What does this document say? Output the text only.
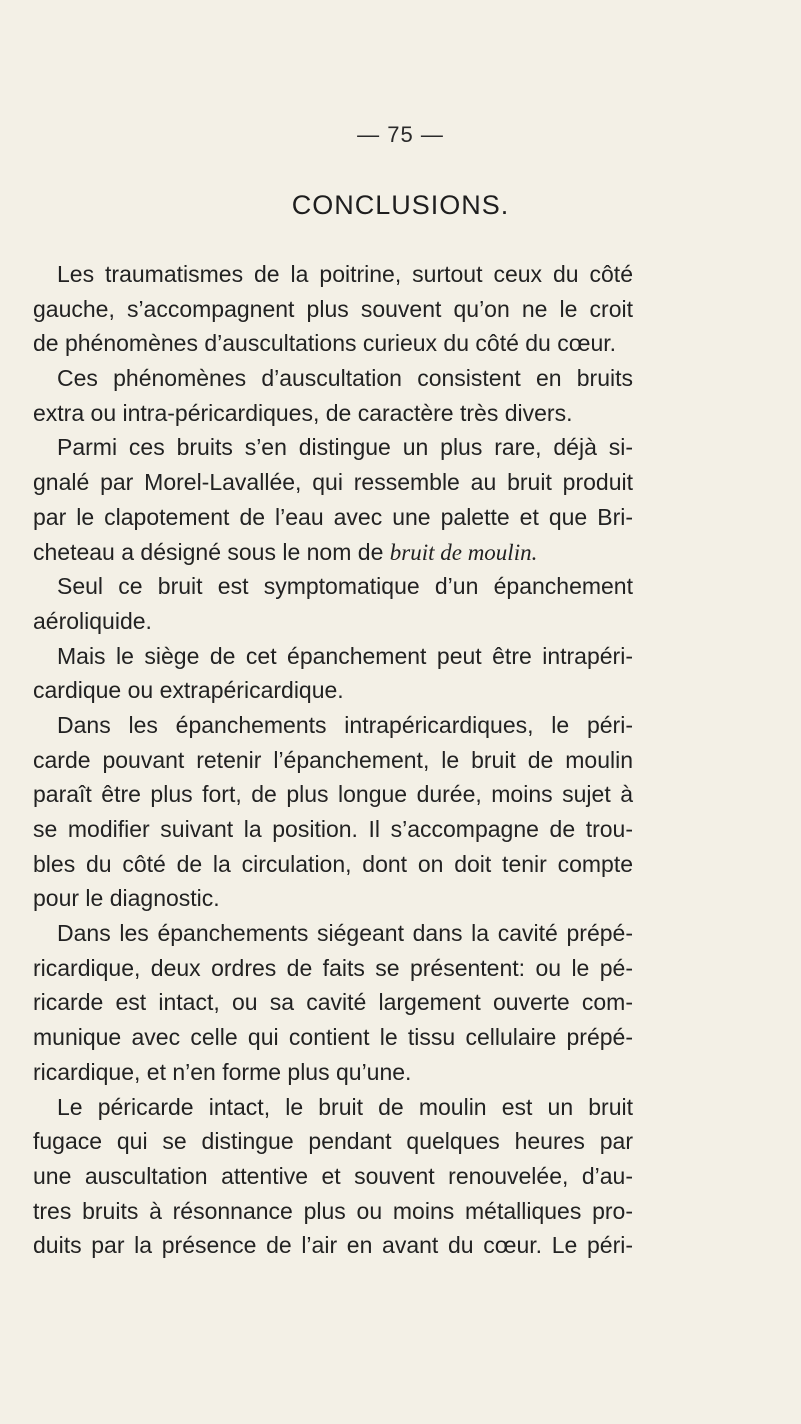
— 75 —
CONCLUSIONS.
Les traumatismes de la poitrine, surtout ceux du côté
gauche, s’accompagnent plus souvent qu’on ne le croit
de phénomènes d’auscultations curieux du côté du cœur.
Ces phénomènes d’auscultation consistent en bruits
extra ou intra-péricardiques, de caractère très divers.
Parmi ces bruits s’en distingue un plus rare, déjà si-
gnalé par Morel-Lavallée, qui ressemble au bruit produit
par le clapotement de l’eau avec une palette et que Bri-
cheteau a désigné sous le nom de bruit de moulin.
Seul ce bruit est symptomatique d’un épanchement
aéroliquide.
Mais le siège de cet épanchement peut être intrapéri-
cardique ou extrapéricardique.
Dans les épanchements intrapéricardiques, le péri-
carde pouvant retenir l’épanchement, le bruit de moulin
paraît être plus fort, de plus longue durée, moins sujet à
se modifier suivant la position. Il s’accompagne de trou-
bles du côté de la circulation, dont on doit tenir compte
pour le diagnostic.
Dans les épanchements siégeant dans la cavité prépé-
ricardique, deux ordres de faits se présentent: ou le pé-
ricarde est intact, ou sa cavité largement ouverte com-
munique avec celle qui contient le tissu cellulaire prépé-
ricardique, et n’en forme plus qu’une.
Le péricarde intact, le bruit de moulin est un bruit
fugace qui se distingue pendant quelques heures par
une auscultation attentive et souvent renouvelée, d’au-
tres bruits à résonnance plus ou moins métalliques pro-
duits par la présence de l’air en avant du cœur. Le péri-
